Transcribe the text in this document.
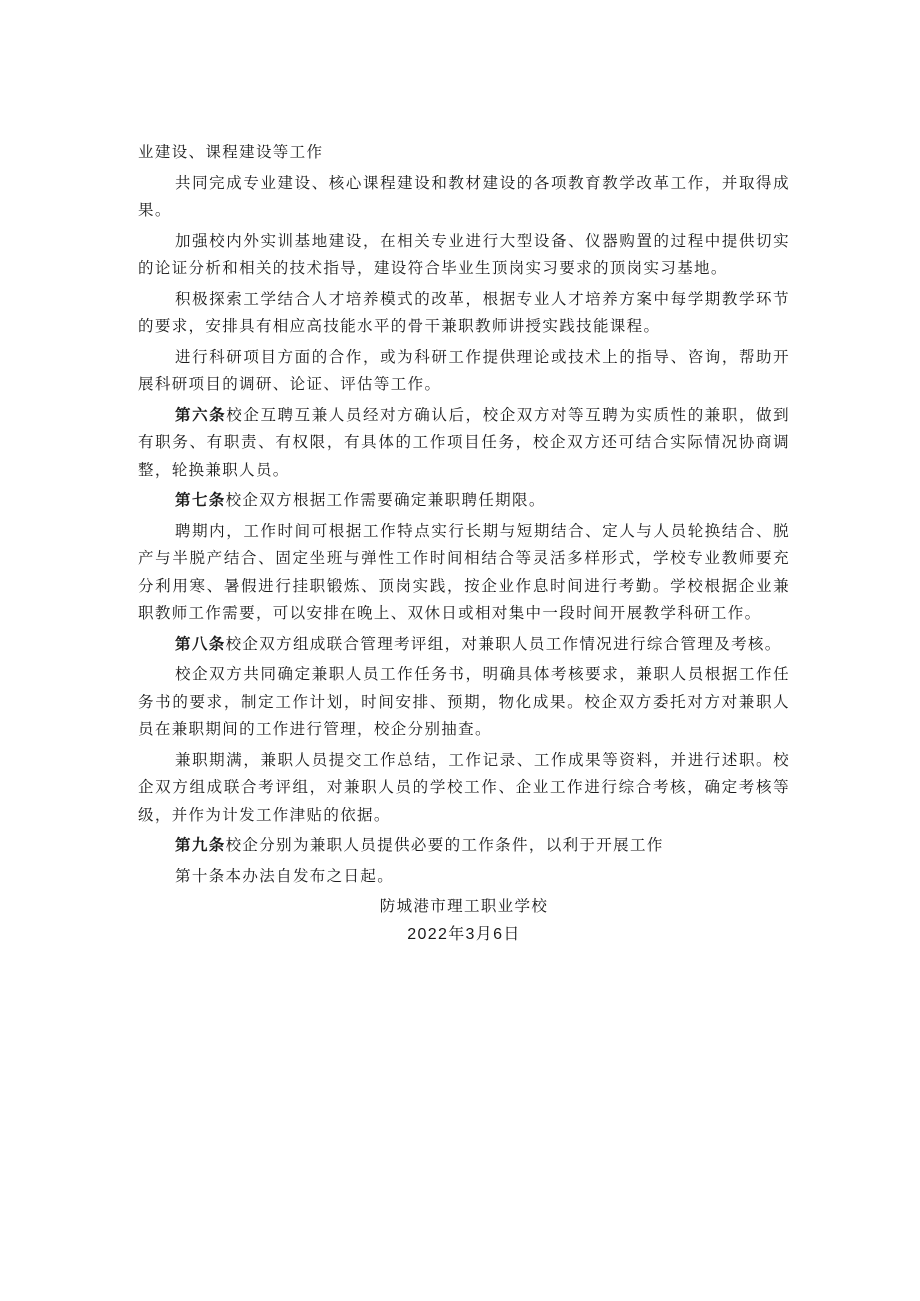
业建设、课程建设等工作

共同完成专业建设、核心课程建设和教材建设的各项教育教学改革工作，并取得成果。

加强校内外实训基地建设，在相关专业进行大型设备、仪器购置的过程中提供切实的论证分析和相关的技术指导，建设符合毕业生顶岗实习要求的顶岗实习基地。

积极探索工学结合人才培养模式的改革，根据专业人才培养方案中每学期教学环节的要求，安排具有相应高技能水平的骨干兼职教师讲授实践技能课程。

进行科研项目方面的合作，或为科研工作提供理论或技术上的指导、咨询，帮助开展科研项目的调研、论证、评估等工作。

第六条校企互聘互兼人员经对方确认后，校企双方对等互聘为实质性的兼职，做到有职务、有职责、有权限，有具体的工作项目任务，校企双方还可结合实际情况协商调整，轮换兼职人员。

第七条校企双方根据工作需要确定兼职聘任期限。

聘期内，工作时间可根据工作特点实行长期与短期结合、定人与人员轮换结合、脱产与半脱产结合、固定坐班与弹性工作时间相结合等灵活多样形式，学校专业教师要充分利用寒、暑假进行挂职锻炼、顶岗实践，按企业作息时间进行考勤。学校根据企业兼职教师工作需要，可以安排在晚上、双休日或相对集中一段时间开展教学科研工作。

第八条校企双方组成联合管理考评组，对兼职人员工作情况进行综合管理及考核。

校企双方共同确定兼职人员工作任务书，明确具体考核要求，兼职人员根据工作任务书的要求，制定工作计划，时间安排、预期，物化成果。校企双方委托对方对兼职人员在兼职期间的工作进行管理，校企分别抽查。

兼职期满，兼职人员提交工作总结，工作记录、工作成果等资料，并进行述职。校企双方组成联合考评组，对兼职人员的学校工作、企业工作进行综合考核，确定考核等级，并作为计发工作津贴的依据。

第九条校企分别为兼职人员提供必要的工作条件，以利于开展工作

第十条本办法自发布之日起。

防城港市理工职业学校

2022年3月6日
